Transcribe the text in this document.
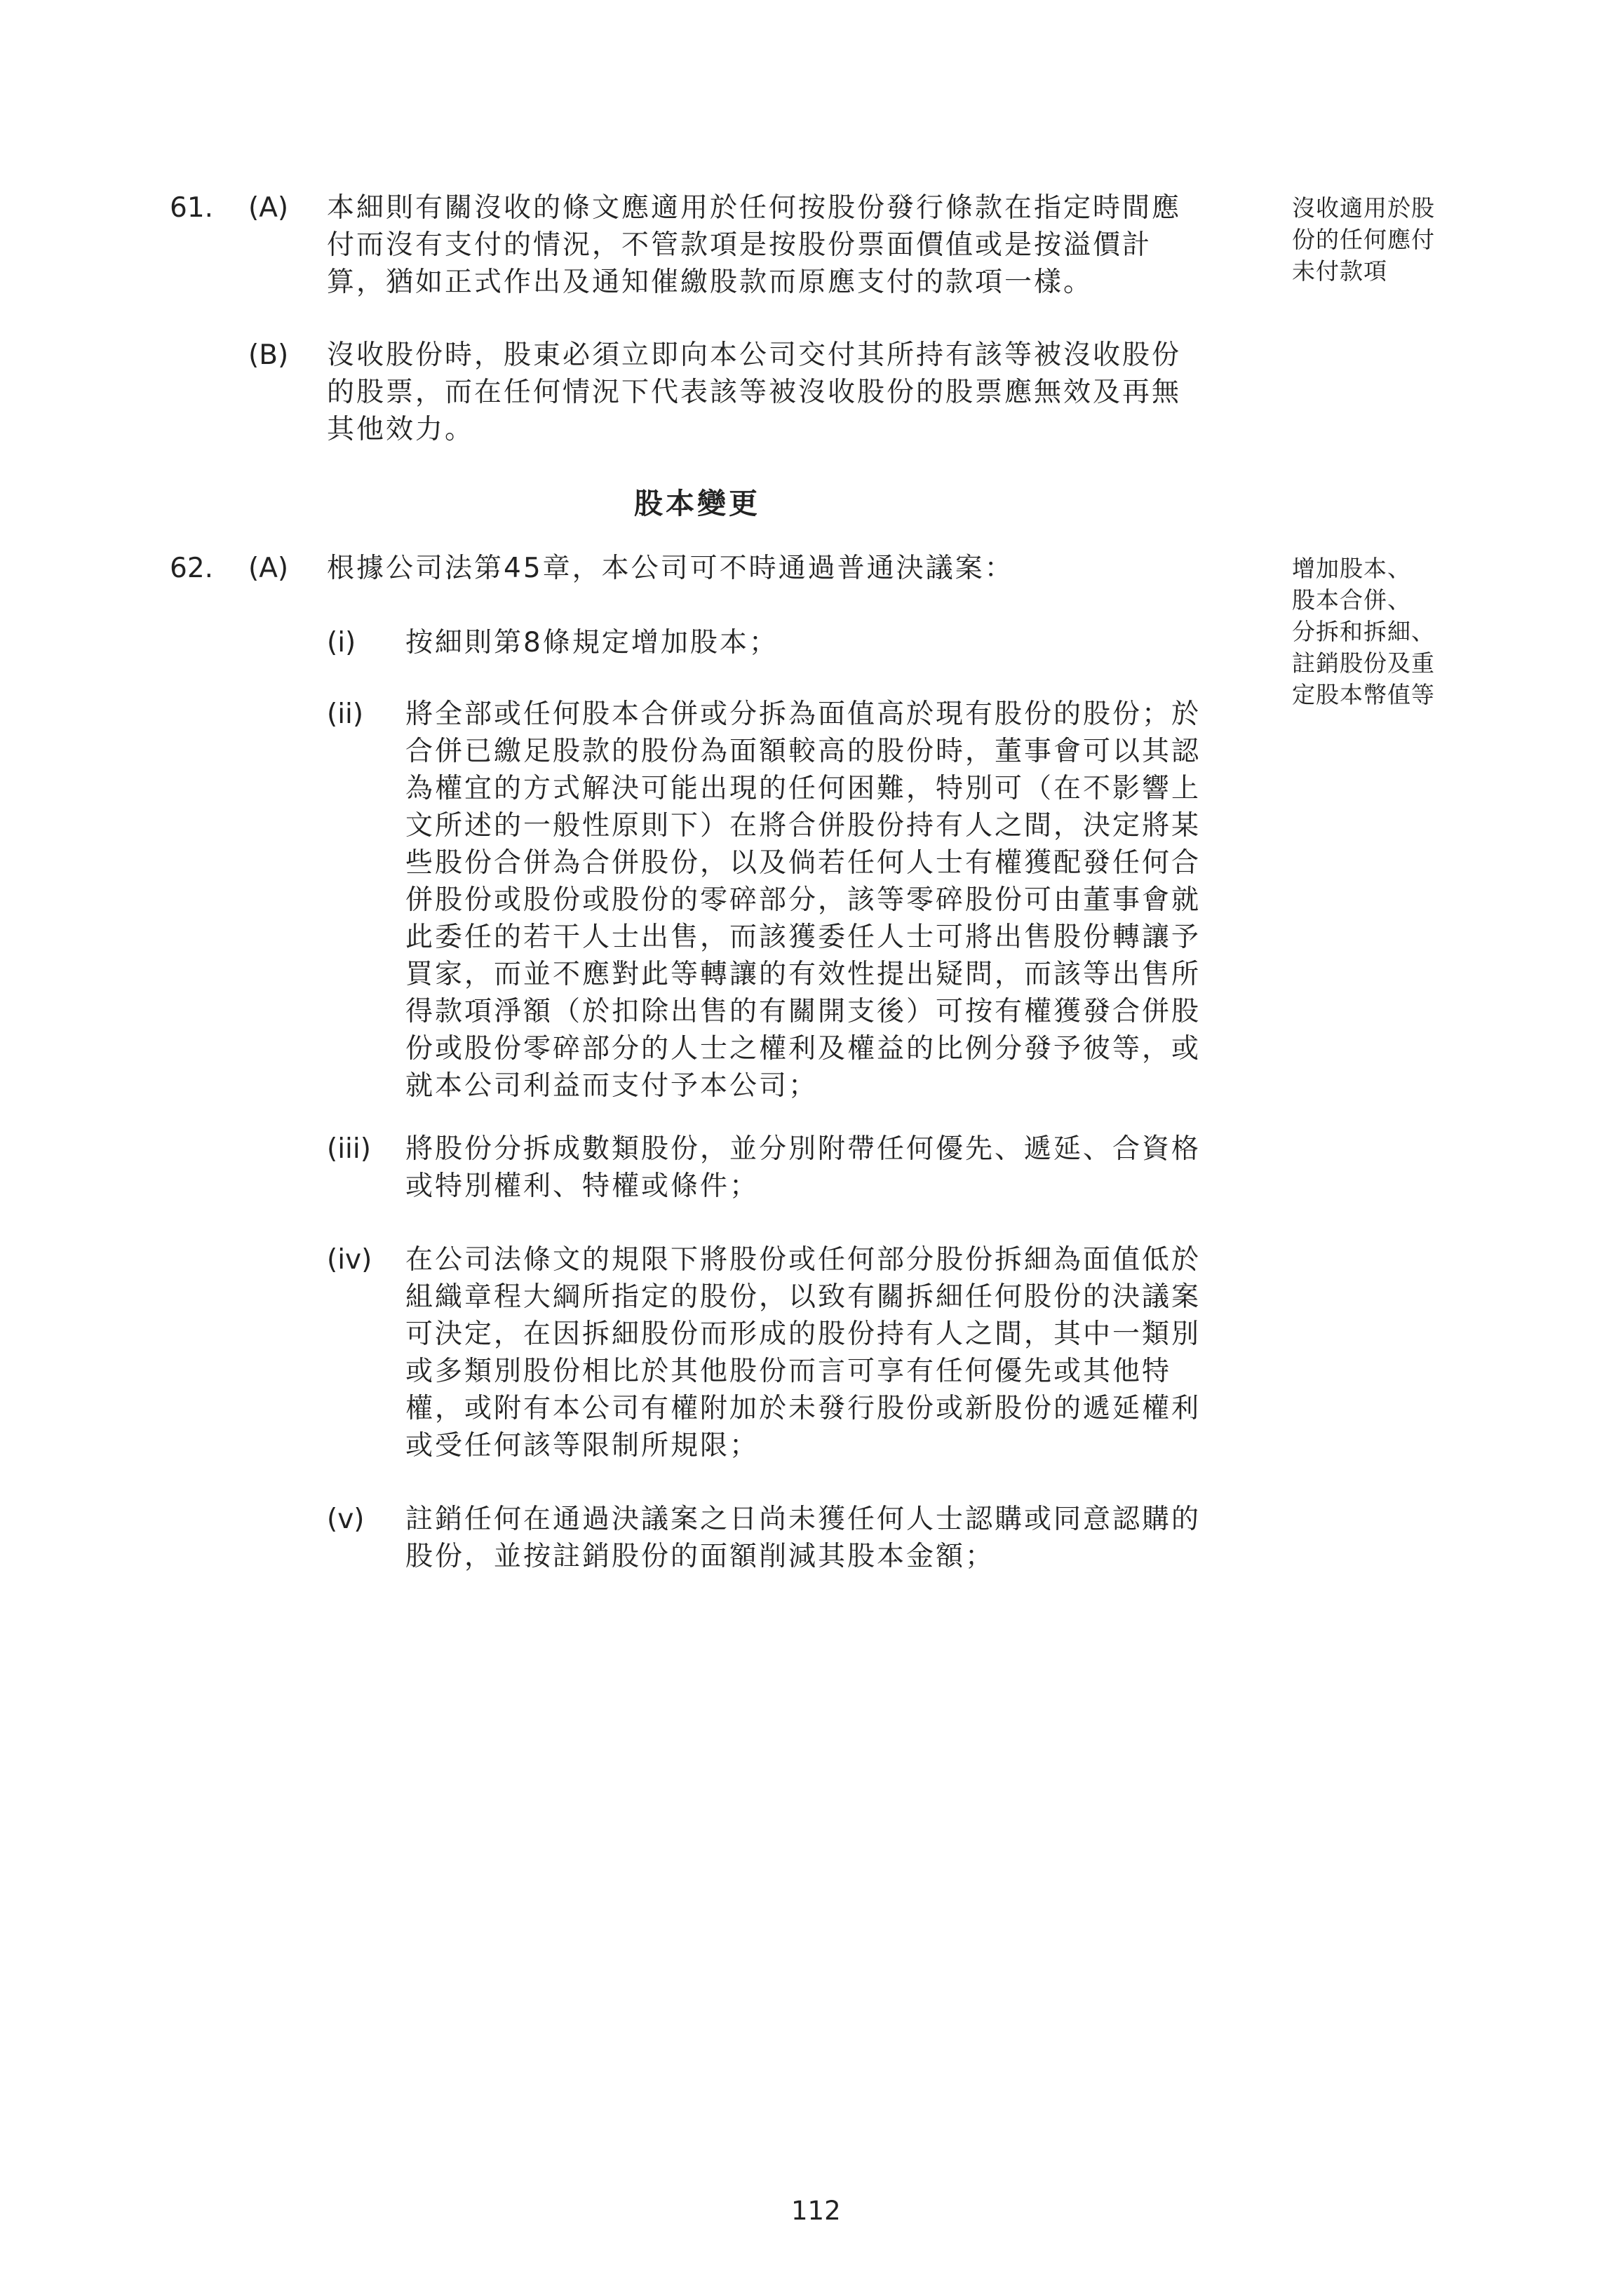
61. (A) 本細則有關沒收的條文應適用於任何按股份發行條款在指定時間應
付而沒有支付的情況，不管款項是按股份票面價值或是按溢價計
算，猶如正式作出及通知催繳股款而原應支付的款項一樣。
沒收適用於股
份的任何應付
未付款項
(B) 沒收股份時，股東必須立即向本公司交付其所持有該等被沒收股份
的股票，而在任何情況下代表該等被沒收股份的股票應無效及再無
其他效力。
股本變更
62. (A) 根據公司法第45章，本公司可不時通過普通決議案：	增加股本、
股本合併、
分拆和拆細、
註銷股份及重
定股本幣值等
(i) 按細則第8條規定增加股本；
(ii) 將全部或任何股本合併或分拆為面值高於現有股份的股份；於
合併已繳足股款的股份為面額較高的股份時，董事會可以其認
為權宜的方式解決可能出現的任何困難，特別可（在不影響上
文所述的一般性原則下）在將合併股份持有人之間，決定將某
些股份合併為合併股份，以及倘若任何人士有權獲配發任何合
併股份或股份或股份的零碎部分，該等零碎股份可由董事會就
此委任的若干人士出售，而該獲委任人士可將出售股份轉讓予
買家，而並不應對此等轉讓的有效性提出疑問，而該等出售所
得款項淨額（於扣除出售的有關開支後）可按有權獲發合併股
份或股份零碎部分的人士之權利及權益的比例分發予彼等，或
就本公司利益而支付予本公司；
(iii) 將股份分拆成數類股份，並分別附帶任何優先、遞延、合資格
或特別權利、特權或條件；
(iv) 在公司法條文的規限下將股份或任何部分股份拆細為面值低於
組織章程大綱所指定的股份，以致有關拆細任何股份的決議案
可決定，在因拆細股份而形成的股份持有人之間，其中一類別
或多類別股份相比於其他股份而言可享有任何優先或其他特
權，或附有本公司有權附加於未發行股份或新股份的遞延權利
或受任何該等限制所規限；
(v) 註銷任何在通過決議案之日尚未獲任何人士認購或同意認購的
股份，並按註銷股份的面額削減其股本金額；
112
